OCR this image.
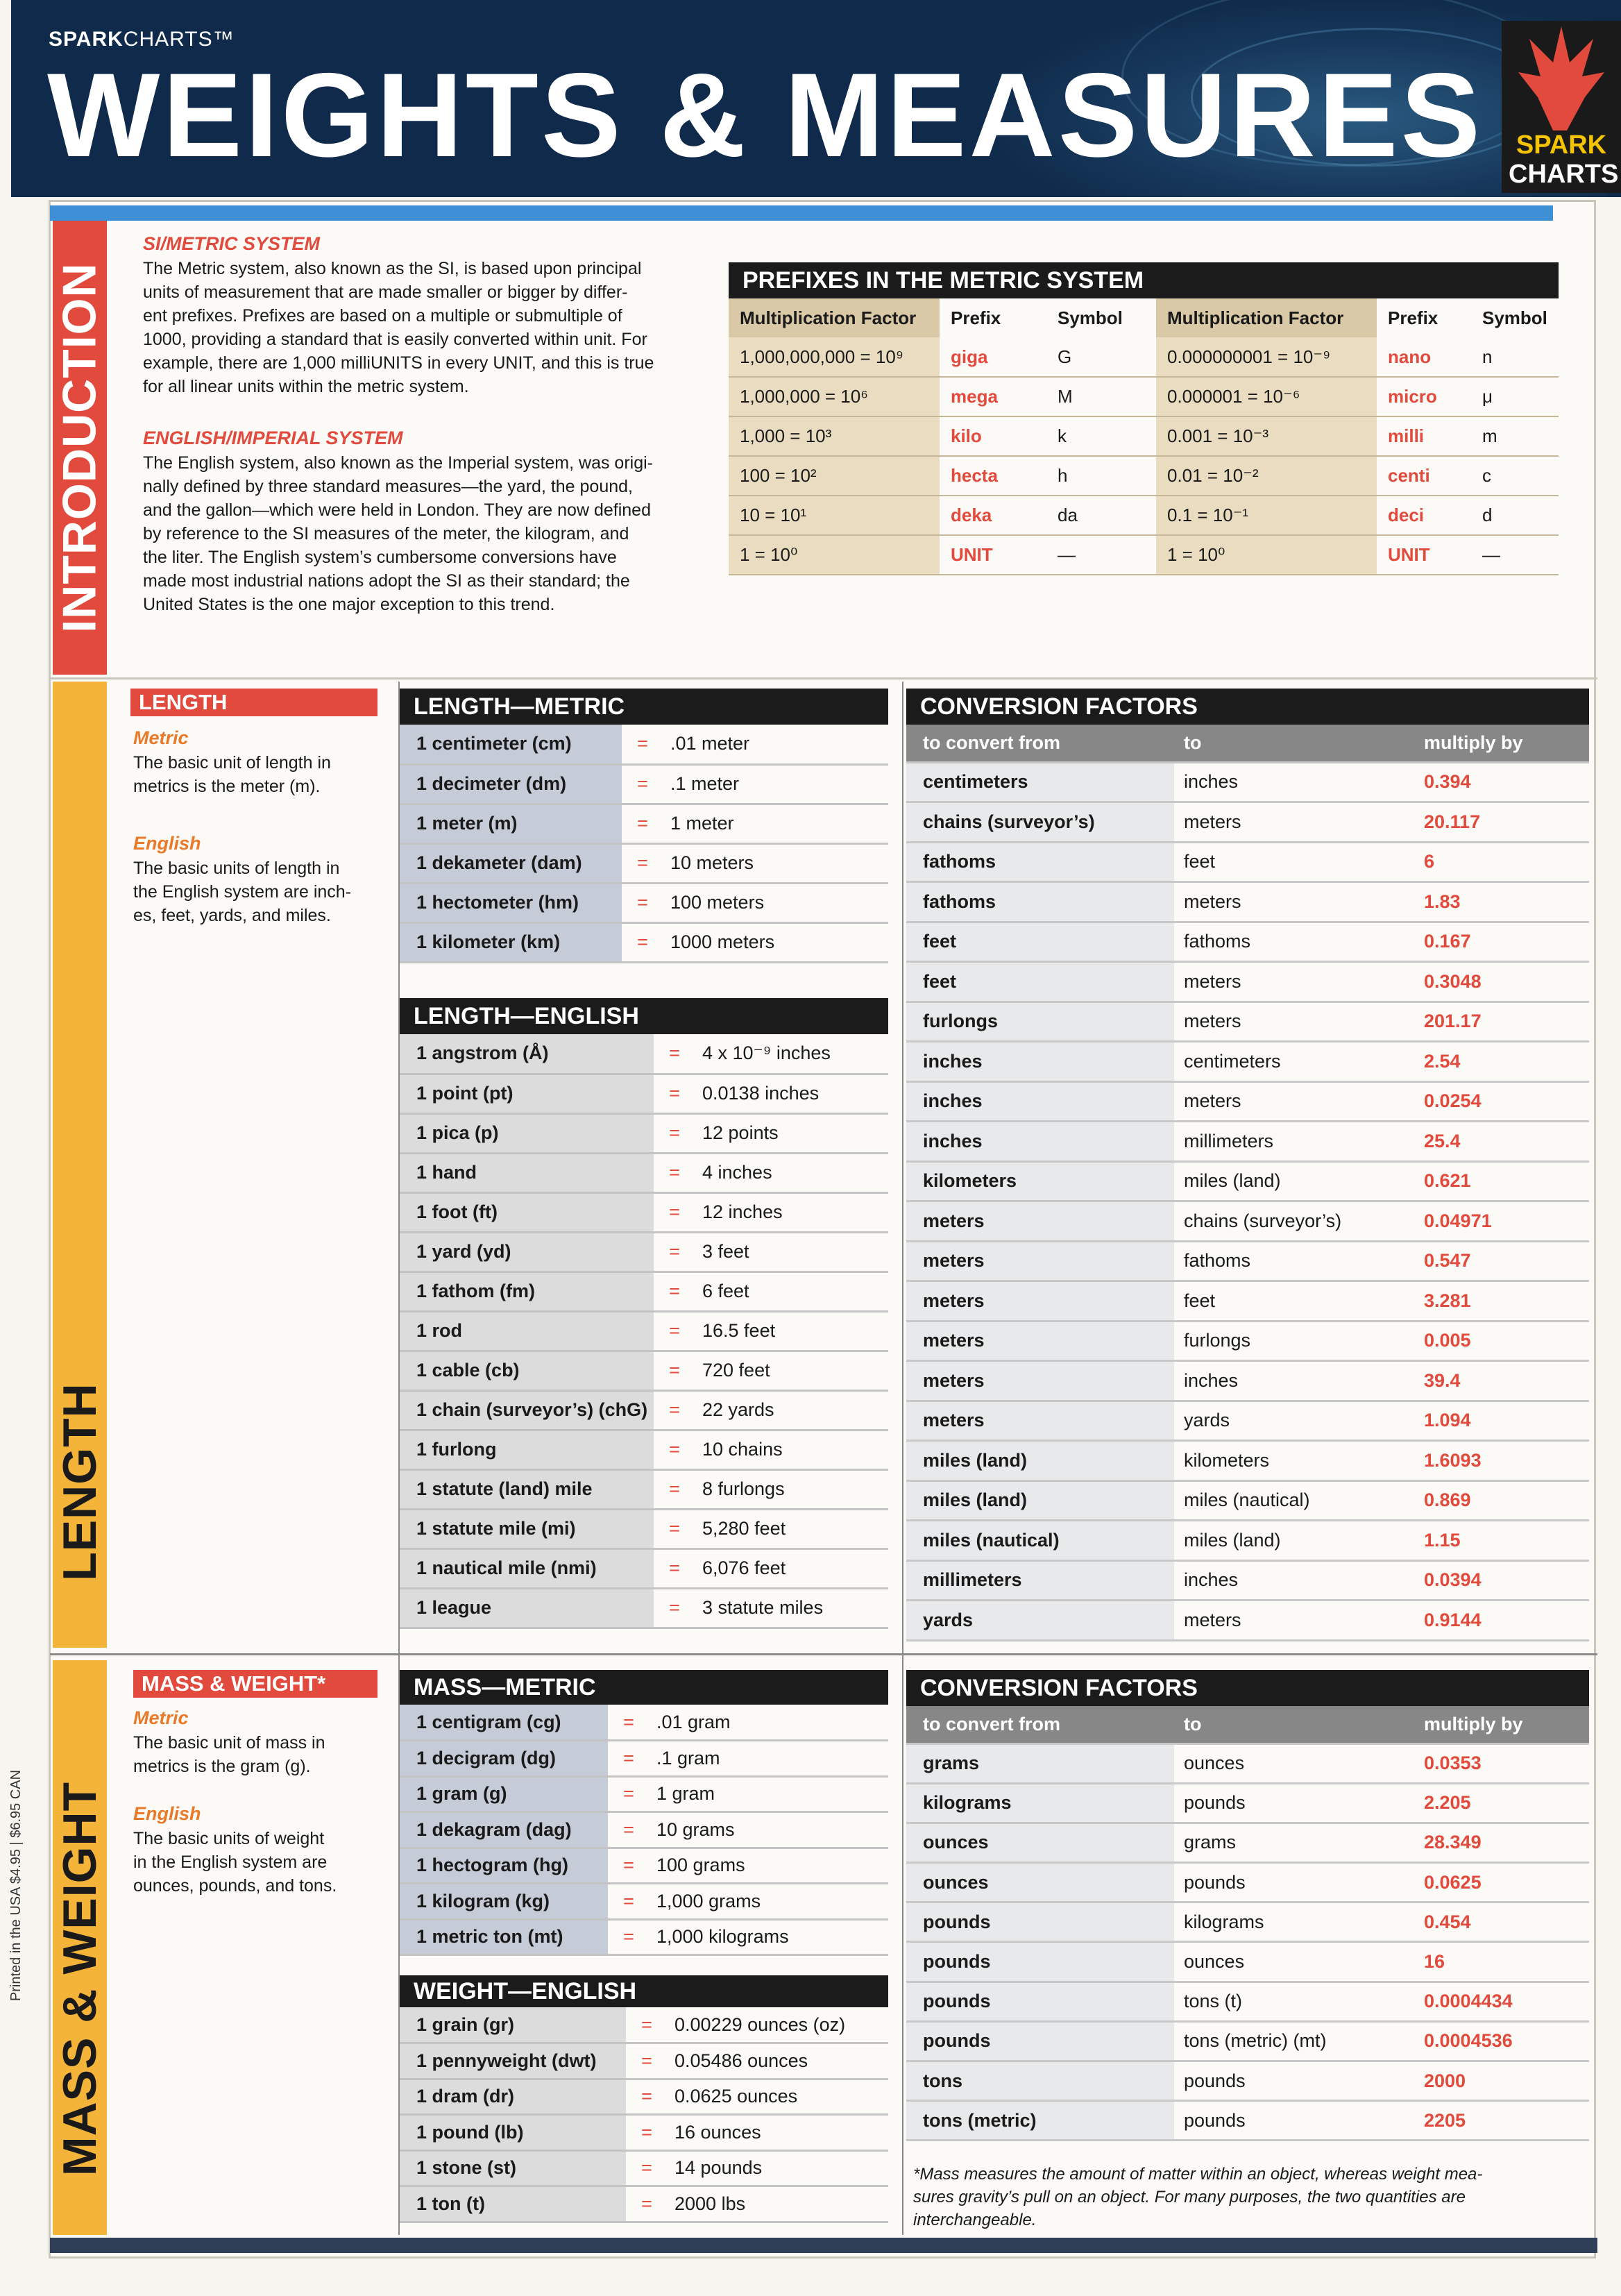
Printed in the USA $4.95 | $6.95 CAN
SPARKCHARTS™
WEIGHTS & MEASURES SPARK
CHARTS
INTRODUCTION
LENGTH
MASS & WEIGHT
SI/METRIC SYSTEM
The Metric system, also known as the SI, is based upon principal
units of measurement that are made smaller or bigger by differ-
ent prefixes. Prefixes are based on a multiple or submultiple of
1000, providing a standard that is easily converted within unit. For
example, there are 1,000 milliUNITS in every UNIT, and this is true
for all linear units within the metric system.
ENGLISH/IMPERIAL SYSTEM
The English system, also known as the Imperial system, was origi-
nally defined by three standard measures—the yard, the pound,
and the gallon—which were held in London. They are now defined
by reference to the SI measures of the meter, the kilogram, and
the liter. The English system’s cumbersome conversions have
made most industrial nations adopt the SI as their standard; the
United States is the one major exception to this trend.
PREFIXES IN THE METRIC SYSTEM
Multiplication Factor	Prefix	Symbol	Multiplication Factor	Prefix	Symbol
1,000,000,000 = 10⁹	giga	G	0.000000001 = 10⁻⁹	nano	n
1,000,000 = 10⁶	mega	M	0.000001 = 10⁻⁶	micro	μ
1,000 = 10³	kilo	k	0.001 = 10⁻³	milli	m
100 = 10²	hecta	h	0.01 = 10⁻²	centi	c
10 = 10¹	deka	da	0.1 = 10⁻¹	deci	d
1 = 10⁰	UNIT	—	1 = 10⁰	UNIT	—
LENGTH
Metric
The basic unit of length in
metrics is the meter (m).
English
The basic units of length in
the English system are inch-
es, feet, yards, and miles.
LENGTH—METRIC
1 centimeter (cm)	=	.01 meter
1 decimeter (dm)	=	.1 meter
1 meter (m)	=	1 meter
1 dekameter (dam)	=	10 meters
1 hectometer (hm)	=	100 meters
1 kilometer (km)	=	1000 meters
LENGTH—ENGLISH
1 angstrom (Å)	=	4 x 10⁻⁹ inches
1 point (pt)	=	0.0138 inches
1 pica (p)	=	12 points
1 hand	=	4 inches
1 foot (ft)	=	12 inches
1 yard (yd)	=	3 feet
1 fathom (fm)	=	6 feet
1 rod	=	16.5 feet
1 cable (cb)	=	720 feet
1 chain (surveyor’s) (chG)	=	22 yards
1 furlong	=	10 chains
1 statute (land) mile	=	8 furlongs
1 statute mile (mi)	=	5,280 feet
1 nautical mile (nmi)	=	6,076 feet
1 league	=	3 statute miles
CONVERSION FACTORS
to convert from	to	multiply by
centimeters	inches	0.394
chains (surveyor’s)	meters	20.117
fathoms	feet	6
fathoms	meters	1.83
feet	fathoms	0.167
feet	meters	0.3048
furlongs	meters	201.17
inches	centimeters	2.54
inches	meters	0.0254
inches	millimeters	25.4
kilometers	miles (land)	0.621
meters	chains (surveyor’s)	0.04971
meters	fathoms	0.547
meters	feet	3.281
meters	furlongs	0.005
meters	inches	39.4
meters	yards	1.094
miles (land)	kilometers	1.6093
miles (land)	miles (nautical)	0.869
miles (nautical)	miles (land)	1.15
millimeters	inches	0.0394
yards	meters	0.9144
MASS & WEIGHT*
Metric
The basic unit of mass in
metrics is the gram (g).
English
The basic units of weight
in the English system are
ounces, pounds, and tons.
MASS—METRIC
1 centigram (cg)	=	.01 gram
1 decigram (dg)	=	.1 gram
1 gram (g)	=	1 gram
1 dekagram (dag)	=	10 grams
1 hectogram (hg)	=	100 grams
1 kilogram (kg)	=	1,000 grams
1 metric ton (mt)	=	1,000 kilograms
WEIGHT—ENGLISH
1 grain (gr)	=	0.00229 ounces (oz)
1 pennyweight (dwt)	=	0.05486 ounces
1 dram (dr)	=	0.0625 ounces
1 pound (lb)	=	16 ounces
1 stone (st)	=	14 pounds
1 ton (t)	=	2000 lbs
CONVERSION FACTORS
to convert from	to	multiply by
grams	ounces	0.0353
kilograms	pounds	2.205
ounces	grams	28.349
ounces	pounds	0.0625
pounds	kilograms	0.454
pounds	ounces	16
pounds	tons (t)	0.0004434
pounds	tons (metric) (mt)	0.0004536
tons	pounds	2000
tons (metric)	pounds	2205
*Mass measures the amount of matter within an object, whereas weight mea-
sures gravity’s pull on an object. For many purposes, the two quantities are
interchangeable.
